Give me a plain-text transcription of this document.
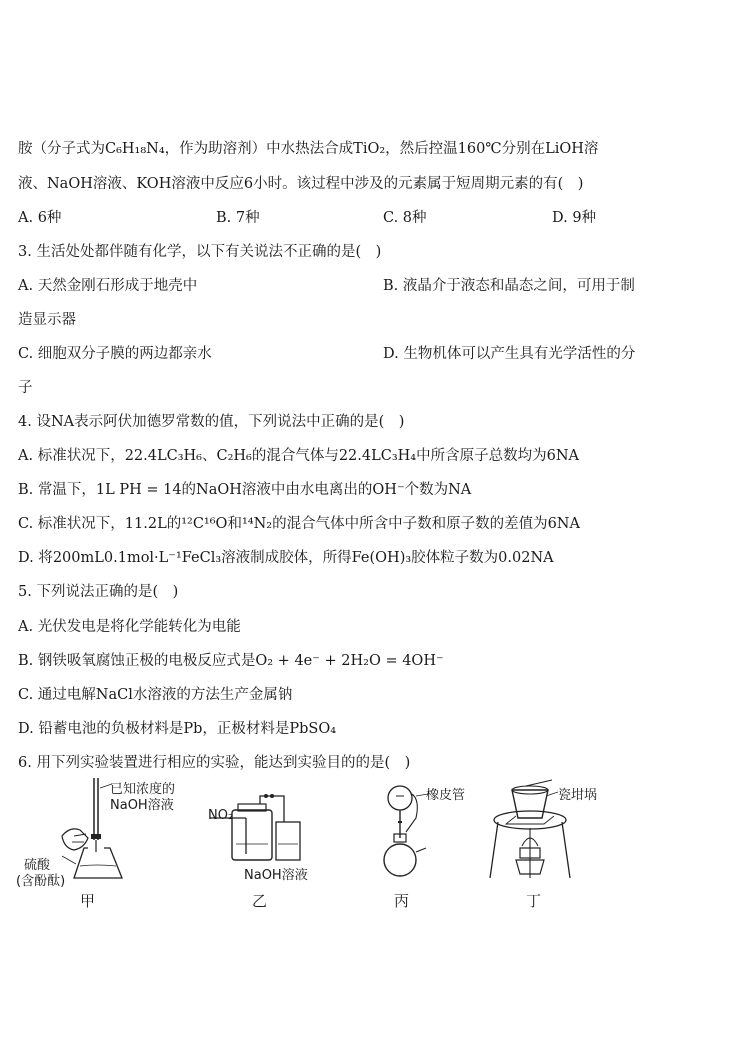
胺（分子式为C₆H₁₈N₄，作为助溶剂）中水热法合成TiO₂，然后控温160℃分别在LiOH溶
液、NaOH溶液、KOH溶液中反应6小时。该过程中涉及的元素属于短周期元素的有(　)
A. 6种	B. 7种	C. 8种	D. 9种
3. 生活处处都伴随有化学，以下有关说法不正确的是(　)
A. 天然金刚石形成于地壳中	B. 液晶介于液态和晶态之间，可用于制
造显示器
C. 细胞双分子膜的两边都亲水	D. 生物机体可以产生具有光学活性的分
子
4. 设NA表示阿伏加德罗常数的值，下列说法中正确的是(　)
A. 标准状况下，22.4LC₃H₆、C₂H₆的混合气体与22.4LC₃H₄中所含原子总数均为6NA
B. 常温下，1L PH = 14的NaOH溶液中由水电离出的OH⁻个数为NA
C. 标准状况下，11.2L的¹²C¹⁶O和¹⁴N₂的混合气体中所含中子数和原子数的差值为6NA
D. 将200mL0.1mol·L⁻¹FeCl₃溶液制成胶体，所得Fe(OH)₃胶体粒子数为0.02NA
5. 下列说法正确的是(　)
A. 光伏发电是将化学能转化为电能
B. 钢铁吸氧腐蚀正极的电极反应式是O₂ + 4e⁻ + 2H₂O = 4OH⁻
C. 通过电解NaCl水溶液的方法生产金属钠
D. 铅蓄电池的负极材料是Pb，正极材料是PbSO₄
6. 用下列实验装置进行相应的实验，能达到实验目的的是(　)
已知浓度的
NaOH溶液
硫酸
(含酚酞)
甲
NO₂
NaOH溶液
乙
橡皮管
丙
瓷坩埚
丁
